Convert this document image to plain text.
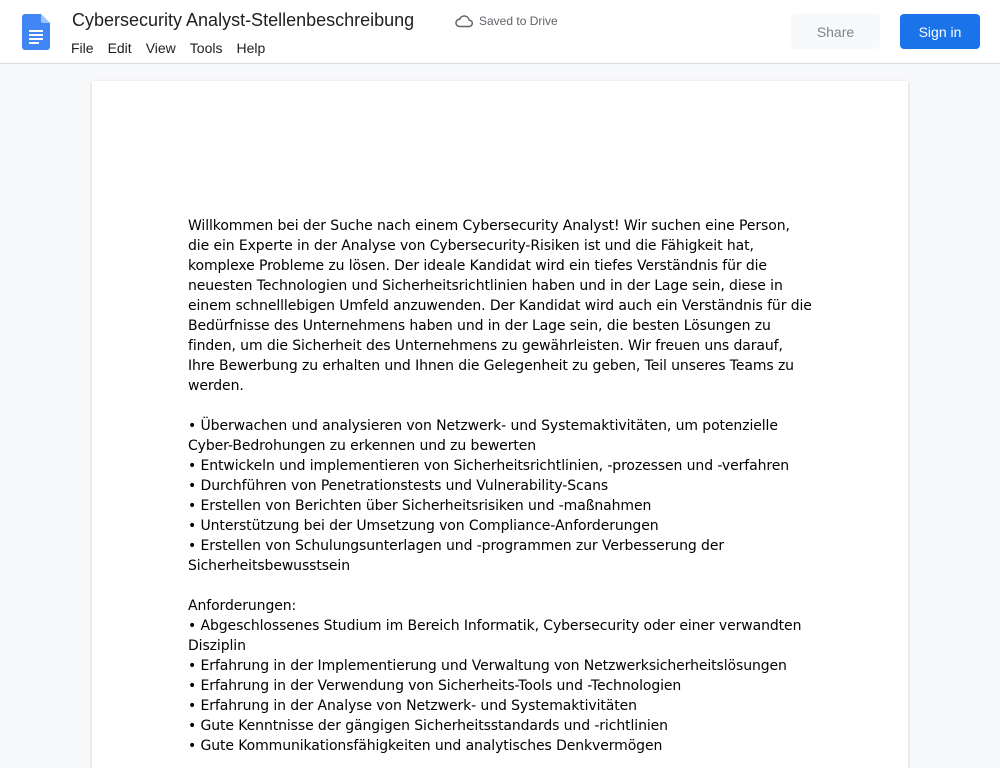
Cybersecurity Analyst-Stellenbeschreibung	Saved to Drive
File	Edit	View	Tools	Help
Share	Sign in

Willkommen bei der Suche nach einem Cybersecurity Analyst! Wir suchen eine Person, die ein Experte in der Analyse von Cybersecurity-Risiken ist und die Fähigkeit hat, komplexe Probleme zu lösen. Der ideale Kandidat wird ein tiefes Verständnis für die neuesten Technologien und Sicherheitsrichtlinien haben und in der Lage sein, diese in einem schnelllebigen Umfeld anzuwenden. Der Kandidat wird auch ein Verständnis für die Bedürfnisse des Unternehmens haben und in der Lage sein, die besten Lösungen zu finden, um die Sicherheit des Unternehmens zu gewährleisten. Wir freuen uns darauf, Ihre Bewerbung zu erhalten und Ihnen die Gelegenheit zu geben, Teil unseres Teams zu werden.

• Überwachen und analysieren von Netzwerk- und Systemaktivitäten, um potenzielle Cyber-Bedrohungen zu erkennen und zu bewerten

• Entwickeln und implementieren von Sicherheitsrichtlinien, -prozessen und -verfahren

• Durchführen von Penetrationstests und Vulnerability-Scans

• Erstellen von Berichten über Sicherheitsrisiken und -maßnahmen

• Unterstützung bei der Umsetzung von Compliance-Anforderungen

• Erstellen von Schulungsunterlagen und -programmen zur Verbesserung der Sicherheitsbewusstsein

Anforderungen:

• Abgeschlossenes Studium im Bereich Informatik, Cybersecurity oder einer verwandten Disziplin

• Erfahrung in der Implementierung und Verwaltung von Netzwerksicherheitslösungen

• Erfahrung in der Verwendung von Sicherheits-Tools und -Technologien

• Erfahrung in der Analyse von Netzwerk- und Systemaktivitäten

• Gute Kenntnisse der gängigen Sicherheitsstandards und -richtlinien

• Gute Kommunikationsfähigkeiten und analytisches Denkvermögen
